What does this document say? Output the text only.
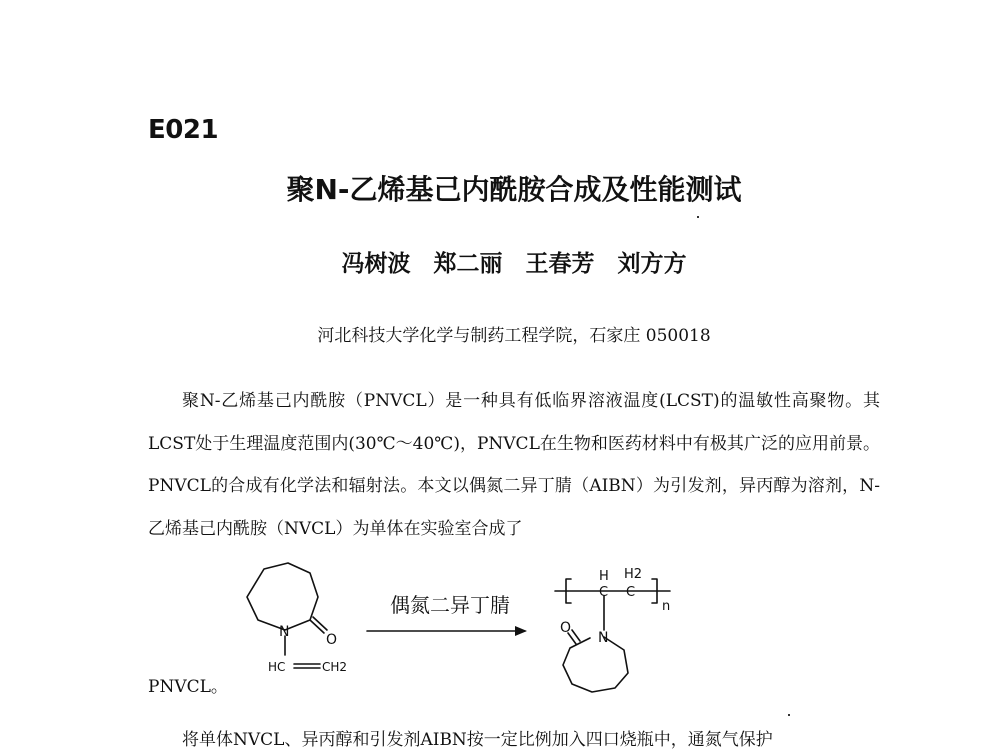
E021
聚N-乙烯基己内酰胺合成及性能测试
冯树波　郑二丽　王春芳　刘方方
河北科技大学化学与制药工程学院，石家庄 050018

聚N-乙烯基己内酰胺（PNVCL）是一种具有低临界溶液温度(LCST)的温敏性高聚物。其LCST处于生理温度范围内(30℃～40℃)，PNVCL在生物和医药材料中有极其广泛的应用前景。PNVCL的合成有化学法和辐射法。本文以偶氮二异丁腈（AIBN）为引发剂，异丙醇为溶剂，N-乙烯基己内酰胺（NVCL）为单体在实验室合成了

N	O
HC	CH2
H H2
C C
n
O
N
偶氮二异丁腈
PNVCL。
将单体NVCL、异丙醇和引发剂AIBN按一定比例加入四口烧瓶中，通氮气保护
